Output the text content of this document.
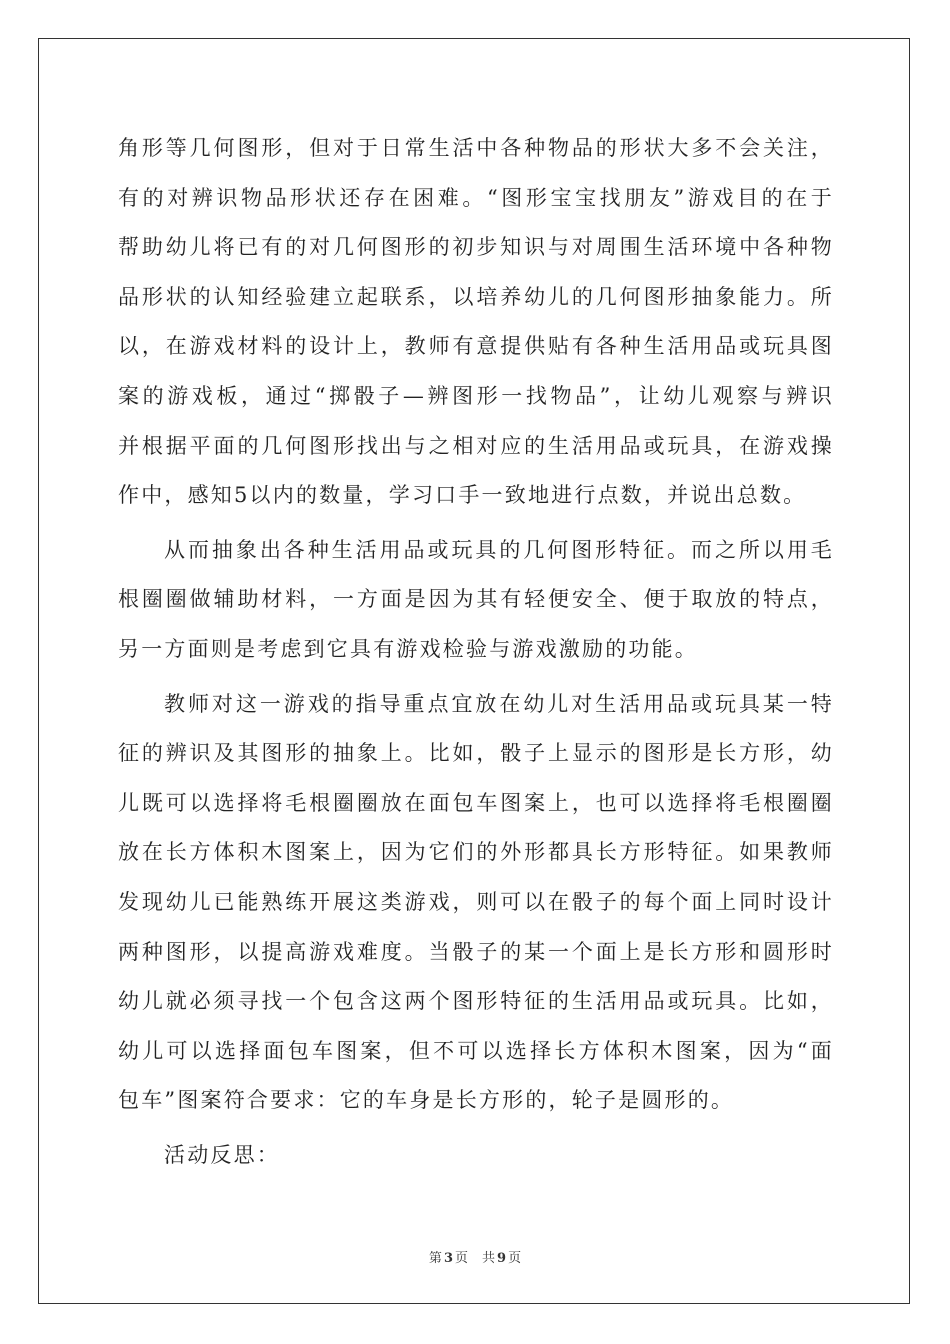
角形等几何图形，但对于日常生活中各种物品的形状大多不会关注，
有的对辨识物品形状还存在困难。“图形宝宝找朋友”游戏目的在于
帮助幼儿将已有的对几何图形的初步知识与对周围生活环境中各种物
品形状的认知经验建立起联系，以培养幼儿的几何图形抽象能力。所
以，在游戏材料的设计上，教师有意提供贴有各种生活用品或玩具图
案的游戏板，通过“掷骰子—辨图形一找物品”，让幼儿观察与辨识
并根据平面的几何图形找出与之相对应的生活用品或玩具，在游戏操
作中，感知5以内的数量，学习口手一致地进行点数，并说出总数。
从而抽象出各种生活用品或玩具的几何图形特征。而之所以用毛
根圈圈做辅助材料，一方面是因为其有轻便安全、便于取放的特点，
另一方面则是考虑到它具有游戏检验与游戏激励的功能。
教师对这一游戏的指导重点宜放在幼儿对生活用品或玩具某一特
征的辨识及其图形的抽象上。比如，骰子上显示的图形是长方形，幼
儿既可以选择将毛根圈圈放在面包车图案上，也可以选择将毛根圈圈
放在长方体积木图案上，因为它们的外形都具长方形特征。如果教师
发现幼儿已能熟练开展这类游戏，则可以在骰子的每个面上同时设计
两种图形，以提高游戏难度。当骰子的某一个面上是长方形和圆形时
幼儿就必须寻找一个包含这两个图形特征的生活用品或玩具。比如，
幼儿可以选择面包车图案，但不可以选择长方体积木图案，因为“面
包车”图案符合要求：它的车身是长方形的，轮子是圆形的。
活动反思：
第 3 页 共 9 页
